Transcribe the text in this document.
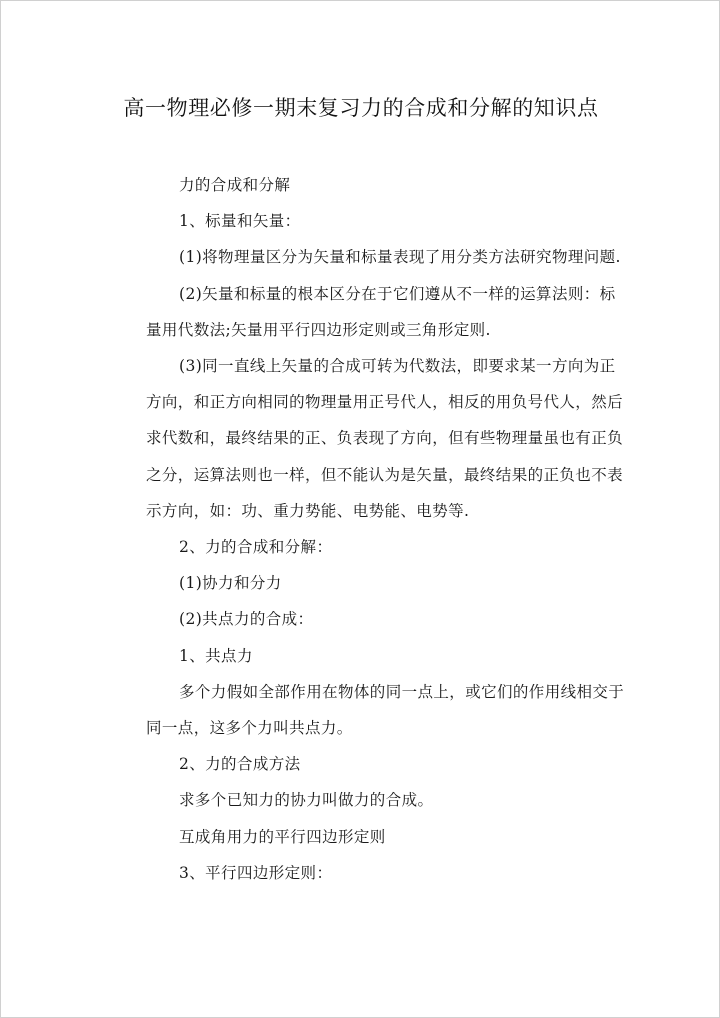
高一物理必修一期末复习力的合成和分解的知识点
力的合成和分解
1、标量和矢量：
(1)将物理量区分为矢量和标量表现了用分类方法研究物理问题.
(2)矢量和标量的根本区分在于它们遵从不一样的运算法则：标
量用代数法;矢量用平行四边形定则或三角形定则.
(3)同一直线上矢量的合成可转为代数法，即要求某一方向为正
方向，和正方向相同的物理量用正号代人，相反的用负号代人，然后
求代数和，最终结果的正、负表现了方向，但有些物理量虽也有正负
之分，运算法则也一样，但不能认为是矢量，最终结果的正负也不表
示方向，如：功、重力势能、电势能、电势等.
2、力的合成和分解：
(1)协力和分力
(2)共点力的合成：
1、共点力
多个力假如全部作用在物体的同一点上，或它们的作用线相交于
同一点，这多个力叫共点力。
2、力的合成方法
求多个已知力的协力叫做力的合成。
互成角用力的平行四边形定则
3、平行四边形定则：
